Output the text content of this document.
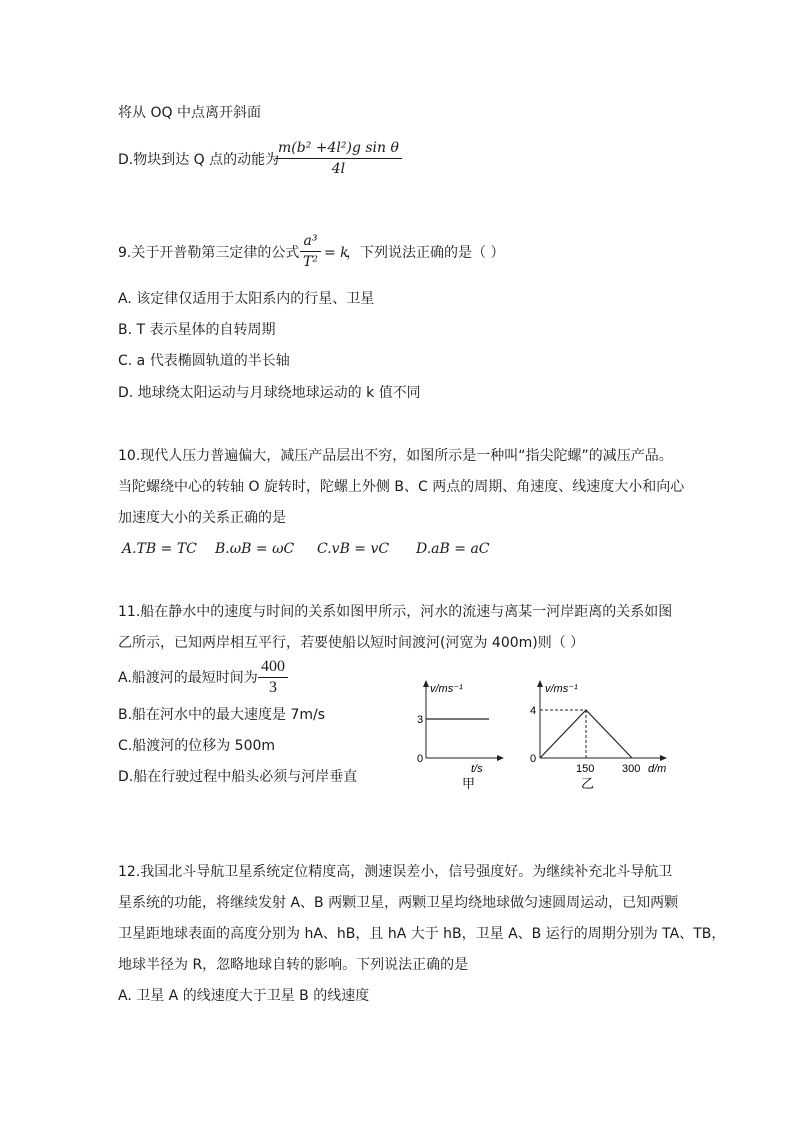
将从 OQ 中点离开斜面
D.物块到达 Q 点的动能为
$\frac{\text{m(b² +4l²)g sin θ}}{4l}$
9.关于开普勒第三定律的公式 $\frac{\text{a³}}{\text{T²}} = k$
，下列说法正确的是（ ）
A. 该定律仅适用于太阳系内的行星、卫星
B. T 表示星体的自转周期
C. a 代表椭圆轨道的半长轴
D. 地球绕太阳运动与月球绕地球运动的 k 值不同
10.现代人压力普遍偏大，减压产品层出不穷，如图所示是一种叫“指尖陀螺”的减压产品。
当陀螺绕中心的转轴 O 旋转时，陀螺上外侧 B、C 两点的周期、角速度、线速度大小和向心
加速度大小的关系正确的是
A.TB = TC B.ωB = ωC C.vB = vC D.aB = aC
11.船在静水中的速度与时间的关系如图甲所示，河水的流速与离某一河岸距离的关系如图
乙所示，已知两岸相互平行，若要使船以短时间渡河(河宽为 400m)则（ ）
A.船渡河的最短时间为 $\frac{400}{3}$
B.船在河水中的最大速度是 7m/s
C.船渡河的位移为 500m
D.船在行驶过程中船头必须与河岸垂直
v/ms⁻¹
3
0
t/s
甲
v/ms⁻¹
4
0
150	300 d/m
乙
12.我国北斗导航卫星系统定位精度高，测速误差小，信号强度好。为继续补充北斗导航卫
星系统的功能，将继续发射 A、B 两颗卫星，两颗卫星均绕地球做匀速圆周运动，已知两颗
卫星距地球表面的高度分别为 hA、hB，且 hA 大于 hB，卫星 A、B 运行的周期分别为 TA、TB，
地球半径为 R，忽略地球自转的影响。下列说法正确的是
A. 卫星 A 的线速度大于卫星 B 的线速度
